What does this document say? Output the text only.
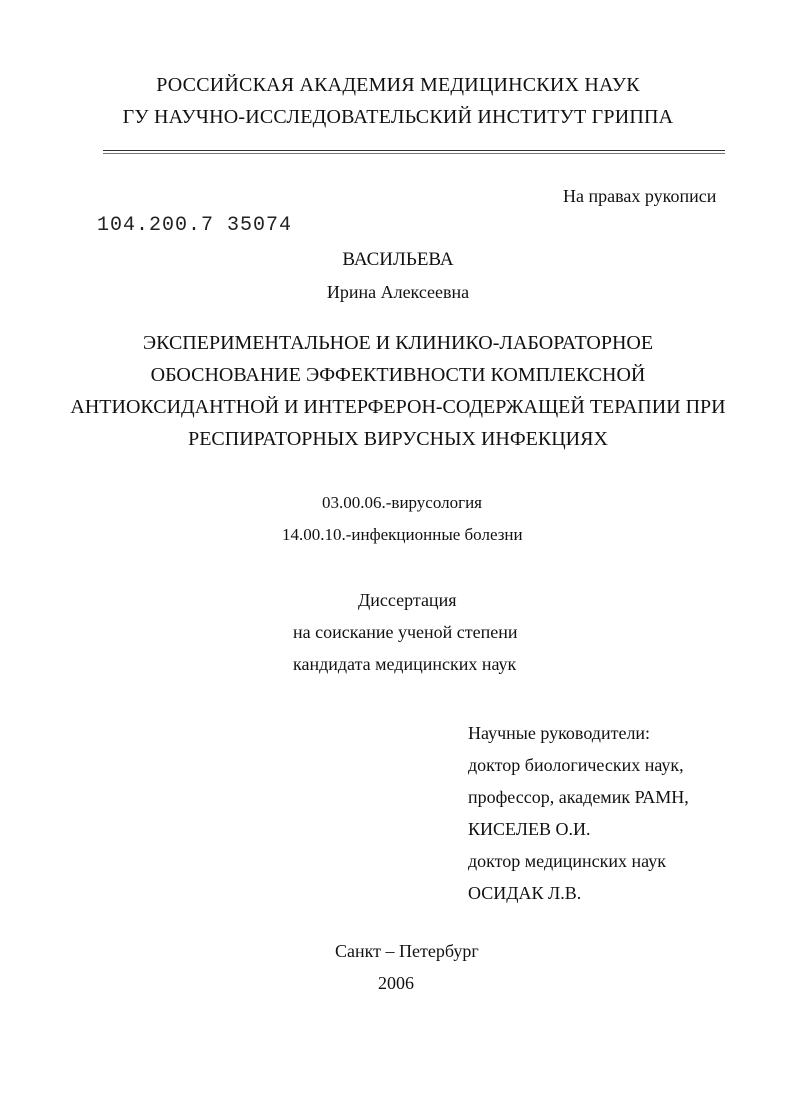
РОССИЙСКАЯ АКАДЕМИЯ МЕДИЦИНСКИХ НАУК
ГУ НАУЧНО-ИССЛЕДОВАТЕЛЬСКИЙ ИНСТИТУТ ГРИППА
На правах рукописи
104.200.7 35074
ВАСИЛЬЕВА
Ирина Алексеевна
ЭКСПЕРИМЕНТАЛЬНОЕ И КЛИНИКО-ЛАБОРАТОРНОЕ
ОБОСНОВАНИЕ ЭФФЕКТИВНОСТИ КОМПЛЕКСНОЙ
АНТИОКСИДАНТНОЙ И ИНТЕРФЕРОН-СОДЕРЖАЩЕЙ ТЕРАПИИ ПРИ
РЕСПИРАТОРНЫХ ВИРУСНЫХ ИНФЕКЦИЯХ
03.00.06.-вирусология
14.00.10.-инфекционные болезни
Диссертация
на соискание ученой степени
кандидата медицинских наук
Научные руководители:
доктор биологических наук,
профессор, академик РАМН,
КИСЕЛЕВ О.И.
доктор медицинских наук
ОСИДАК Л.В.
Санкт – Петербург
2006
